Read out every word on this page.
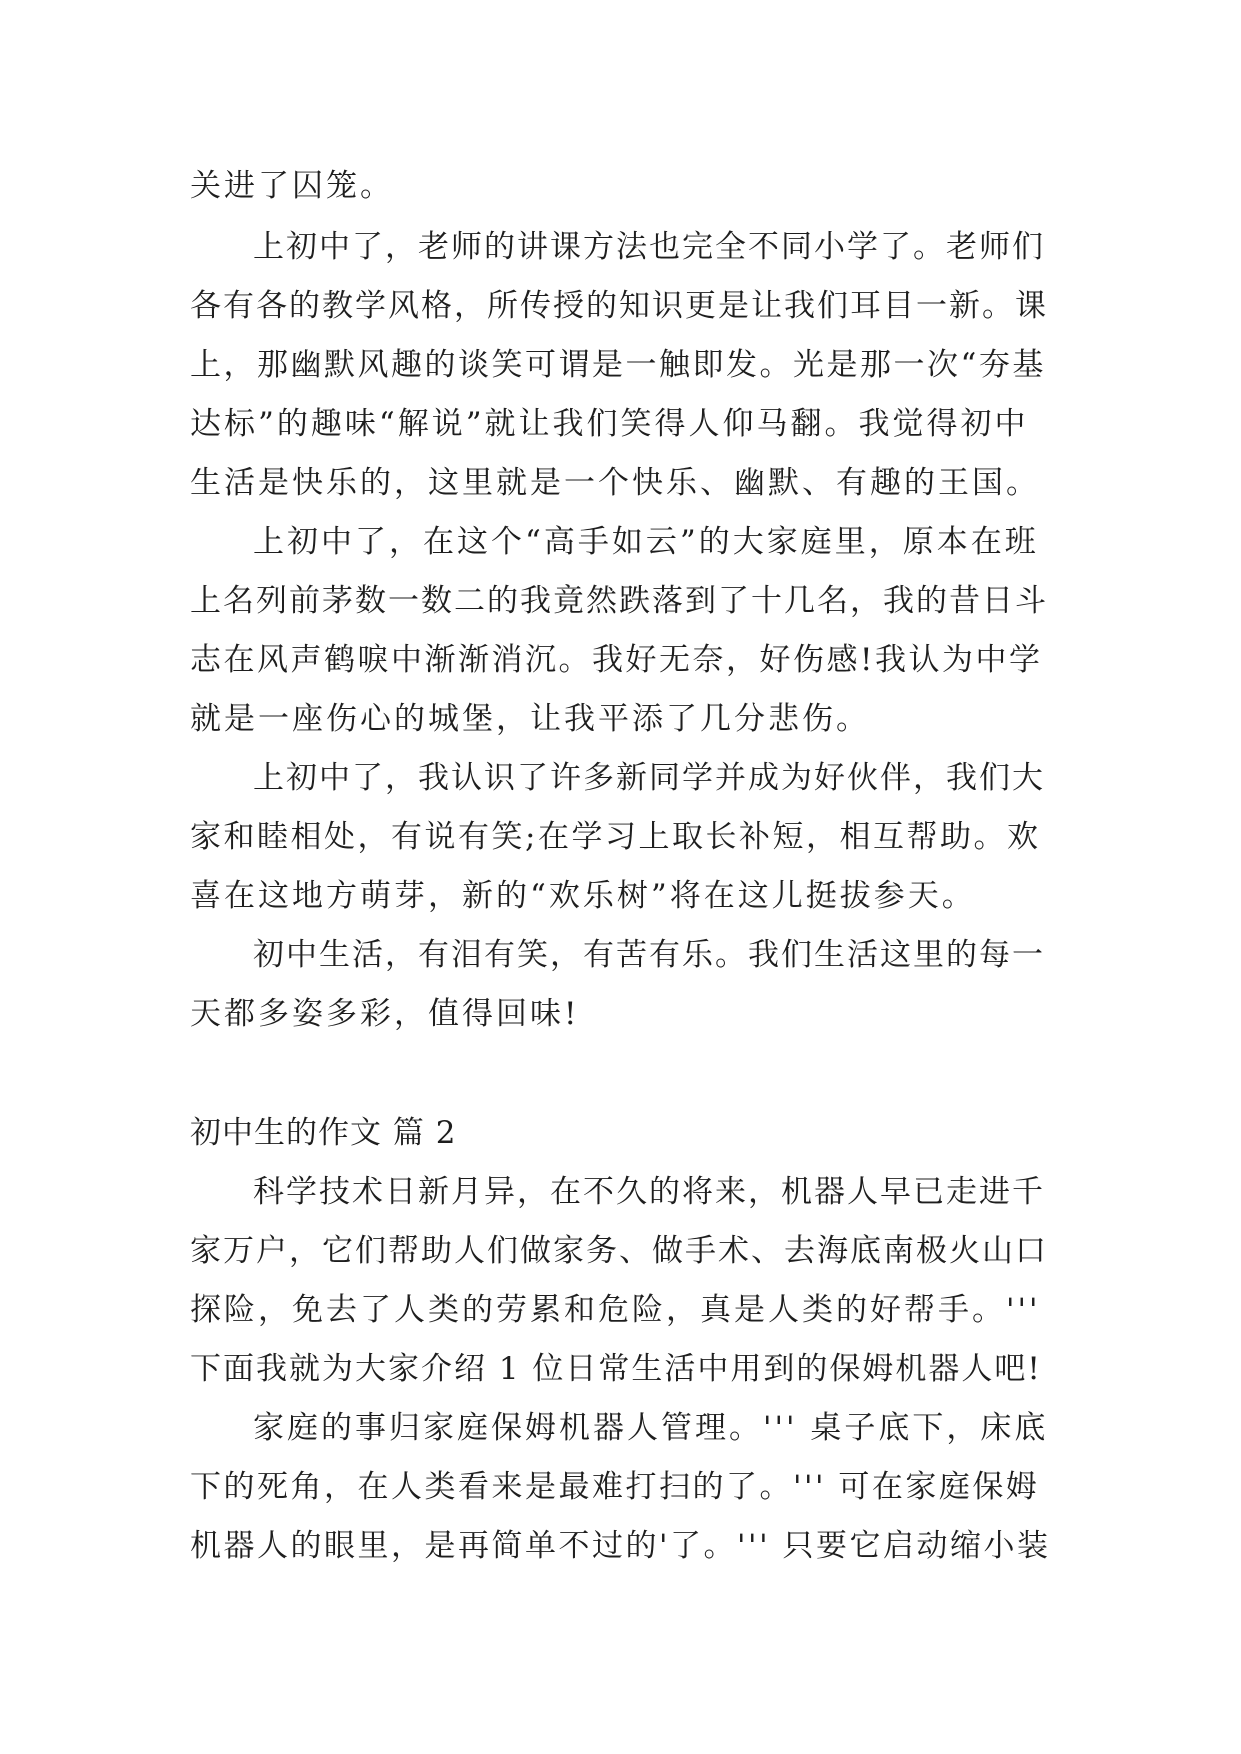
关进了囚笼。

上初中了，老师的讲课方法也完全不同小学了。老师们

各有各的教学风格，所传授的知识更是让我们耳目一新。课

上，那幽默风趣的谈笑可谓是一触即发。光是那一次“夯基

达标”的趣味“解说”就让我们笑得人仰马翻。我觉得初中

生活是快乐的，这里就是一个快乐、幽默、有趣的王国。

上初中了，在这个“高手如云”的大家庭里，原本在班

上名列前茅数一数二的我竟然跌落到了十几名，我的昔日斗

志在风声鹤唳中渐渐消沉。我好无奈，好伤感!我认为中学

就是一座伤心的城堡，让我平添了几分悲伤。

上初中了，我认识了许多新同学并成为好伙伴，我们大

家和睦相处，有说有笑;在学习上取长补短，相互帮助。欢

喜在这地方萌芽，新的“欢乐树”将在这儿挺拔参天。

初中生活，有泪有笑，有苦有乐。我们生活这里的每一

天都多姿多彩，值得回味!

初中生的作文 篇 2

科学技术日新月异，在不久的将来，机器人早已走进千

家万户，它们帮助人们做家务、做手术、去海底南极火山口

探险，免去了人类的劳累和危险，真是人类的好帮手。'''

下面我就为大家介绍 1 位日常生活中用到的保姆机器人吧!

家庭的事归家庭保姆机器人管理。''' 桌子底下，床底

下的死角，在人类看来是最难打扫的了。''' 可在家庭保姆

机器人的眼里，是再简单不过的'了。''' 只要它启动缩小装
